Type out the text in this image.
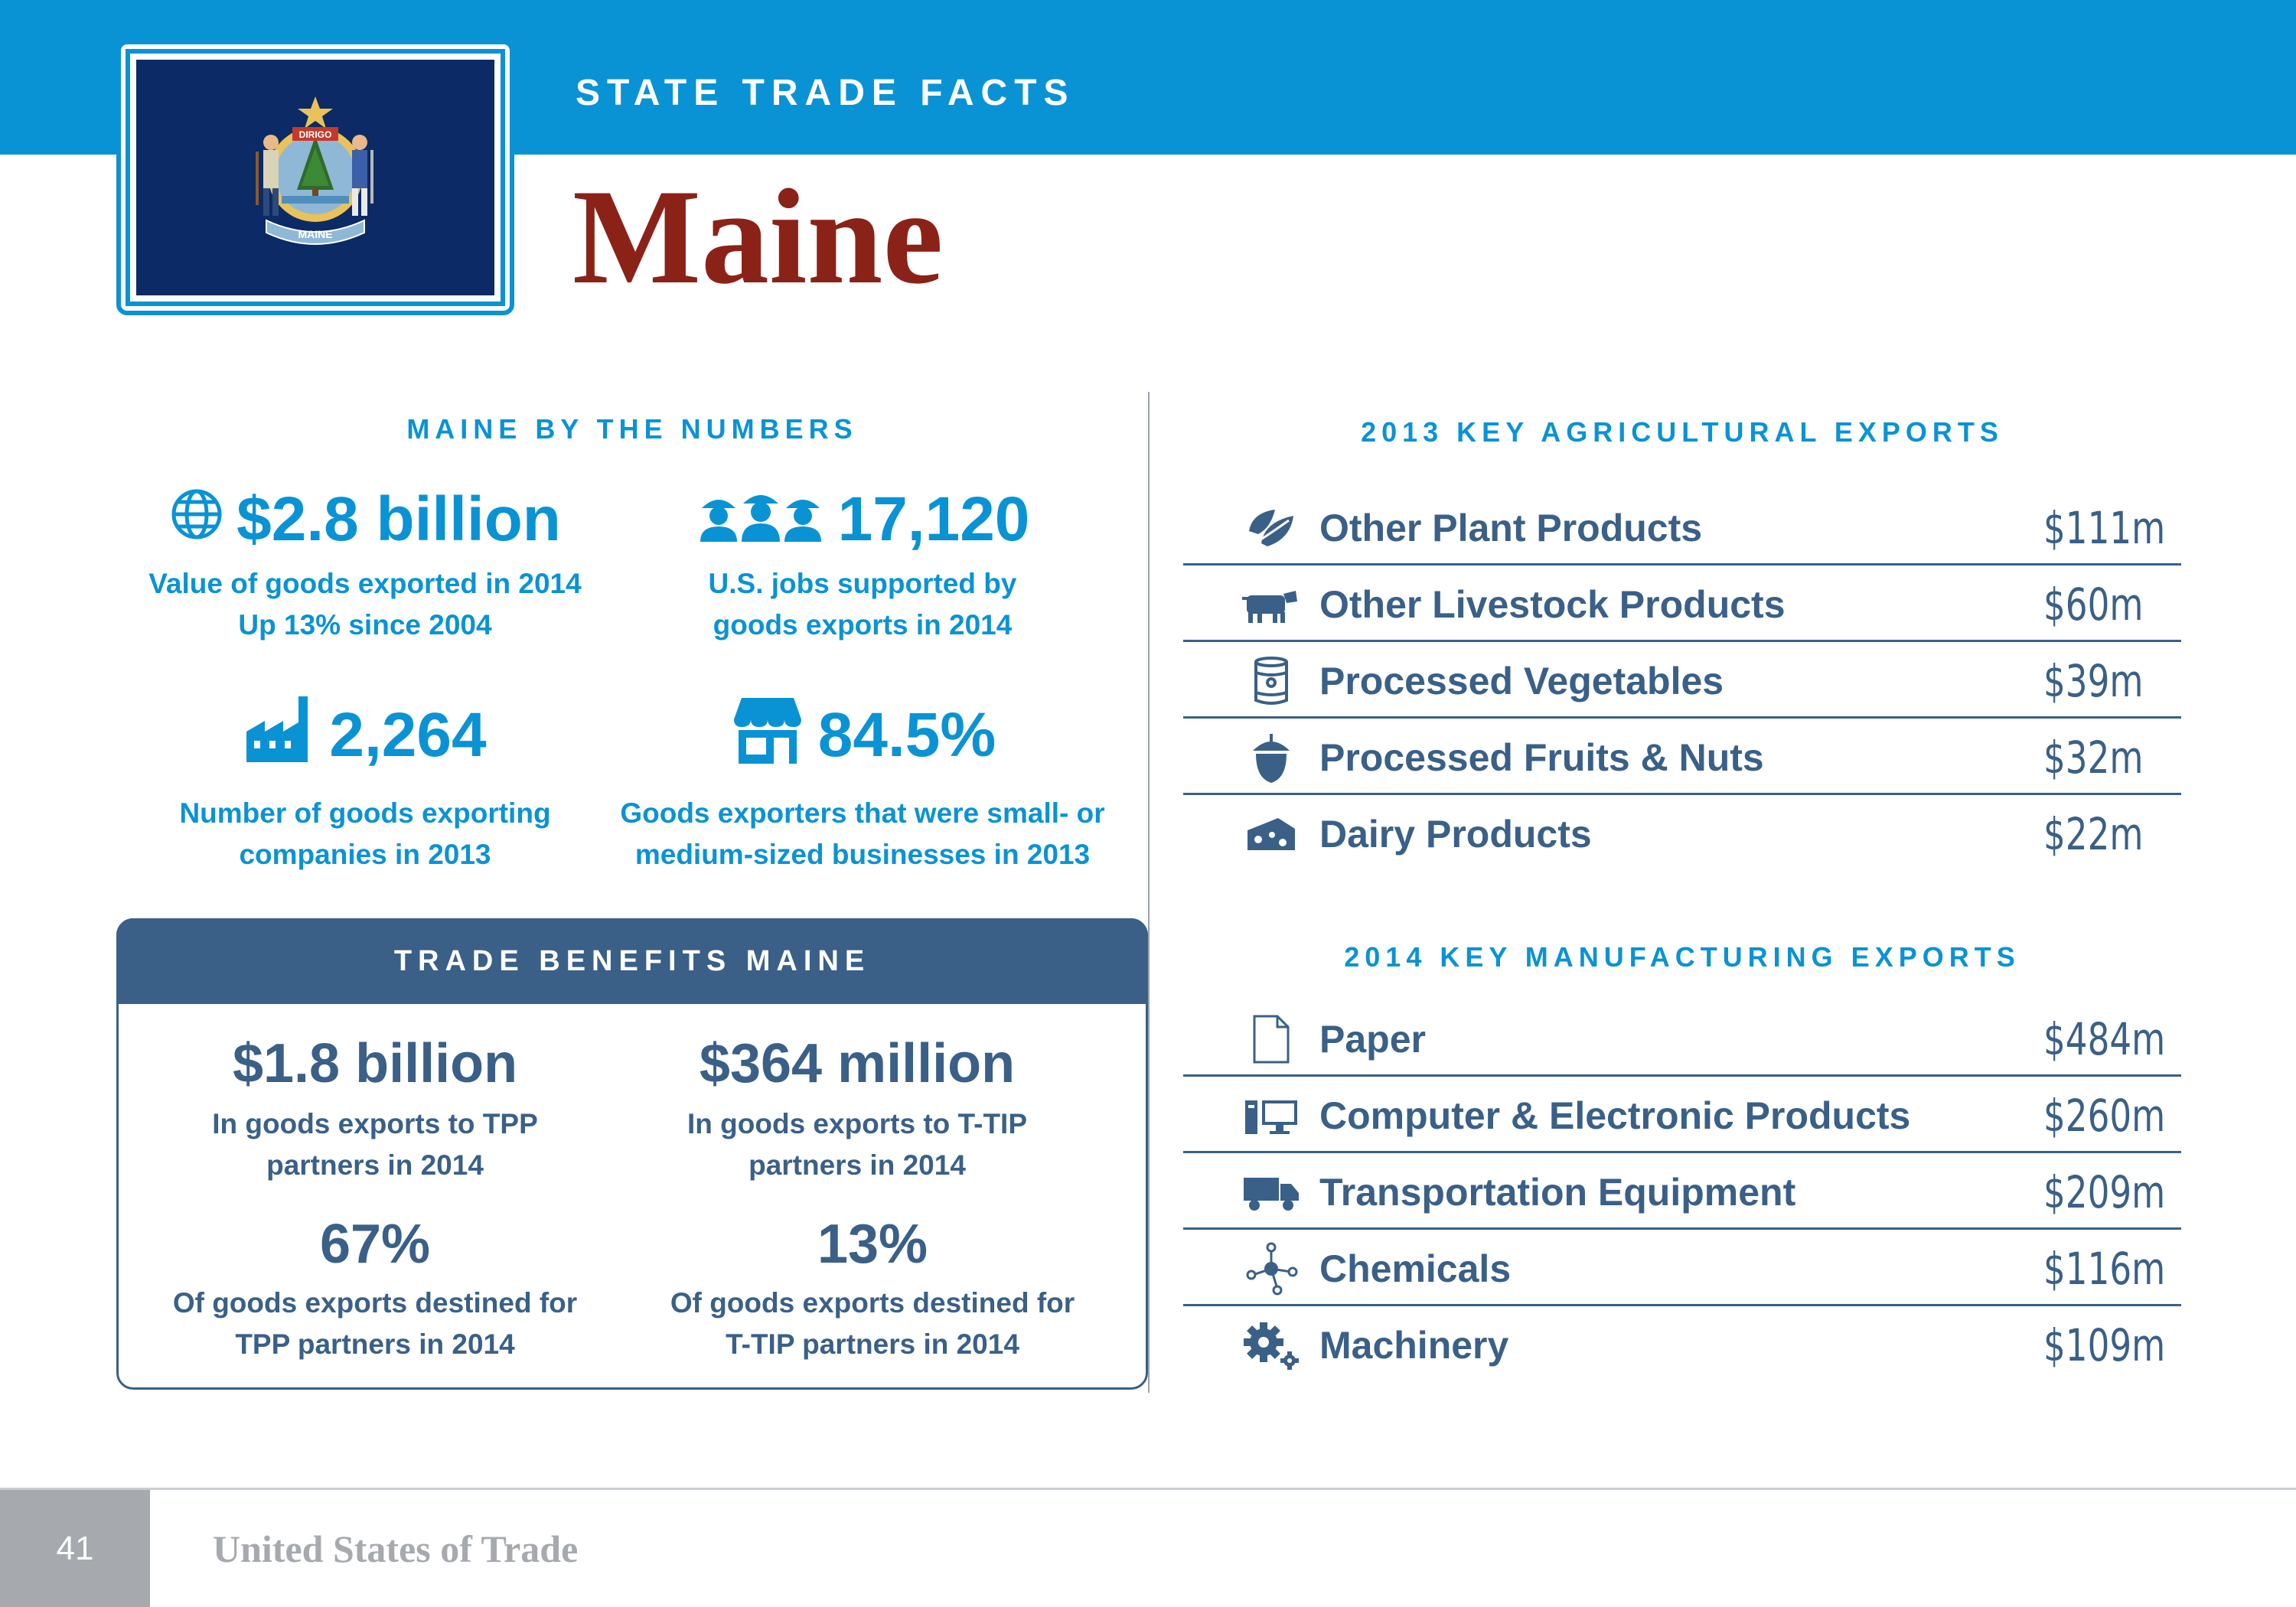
DIRIGO
MAINE
STATE TRADE FACTS
Maine
MAINE BY THE NUMBERS
$2.8 billion
Value of goods exported in 2014
Up 13% since 2004
17,120
U.S. jobs supported by
goods exports in 2014
2,264
Number of goods exporting
companies in 2013
84.5%
Goods exporters that were small- or
medium-sized businesses in 2013
TRADE BENEFITS MAINE
$1.8 billion
In goods exports to TPP
partners in 2014
$364 million
In goods exports to T-TIP
partners in 2014
67%
Of goods exports destined for
TPP partners in 2014
13%
Of goods exports destined for
T-TIP partners in 2014
2013 KEY AGRICULTURAL EXPORTS
Other Plant Products	$111m
Other Livestock Products	$60m
Processed Vegetables	$39m
Processed Fruits & Nuts	$32m
Dairy Products	$22m
2014 KEY MANUFACTURING EXPORTS
Paper	$484m
Computer & Electronic Products	$260m
Transportation Equipment	$209m
Chemicals	$116m
Machinery	$109m
41	United States of Trade
